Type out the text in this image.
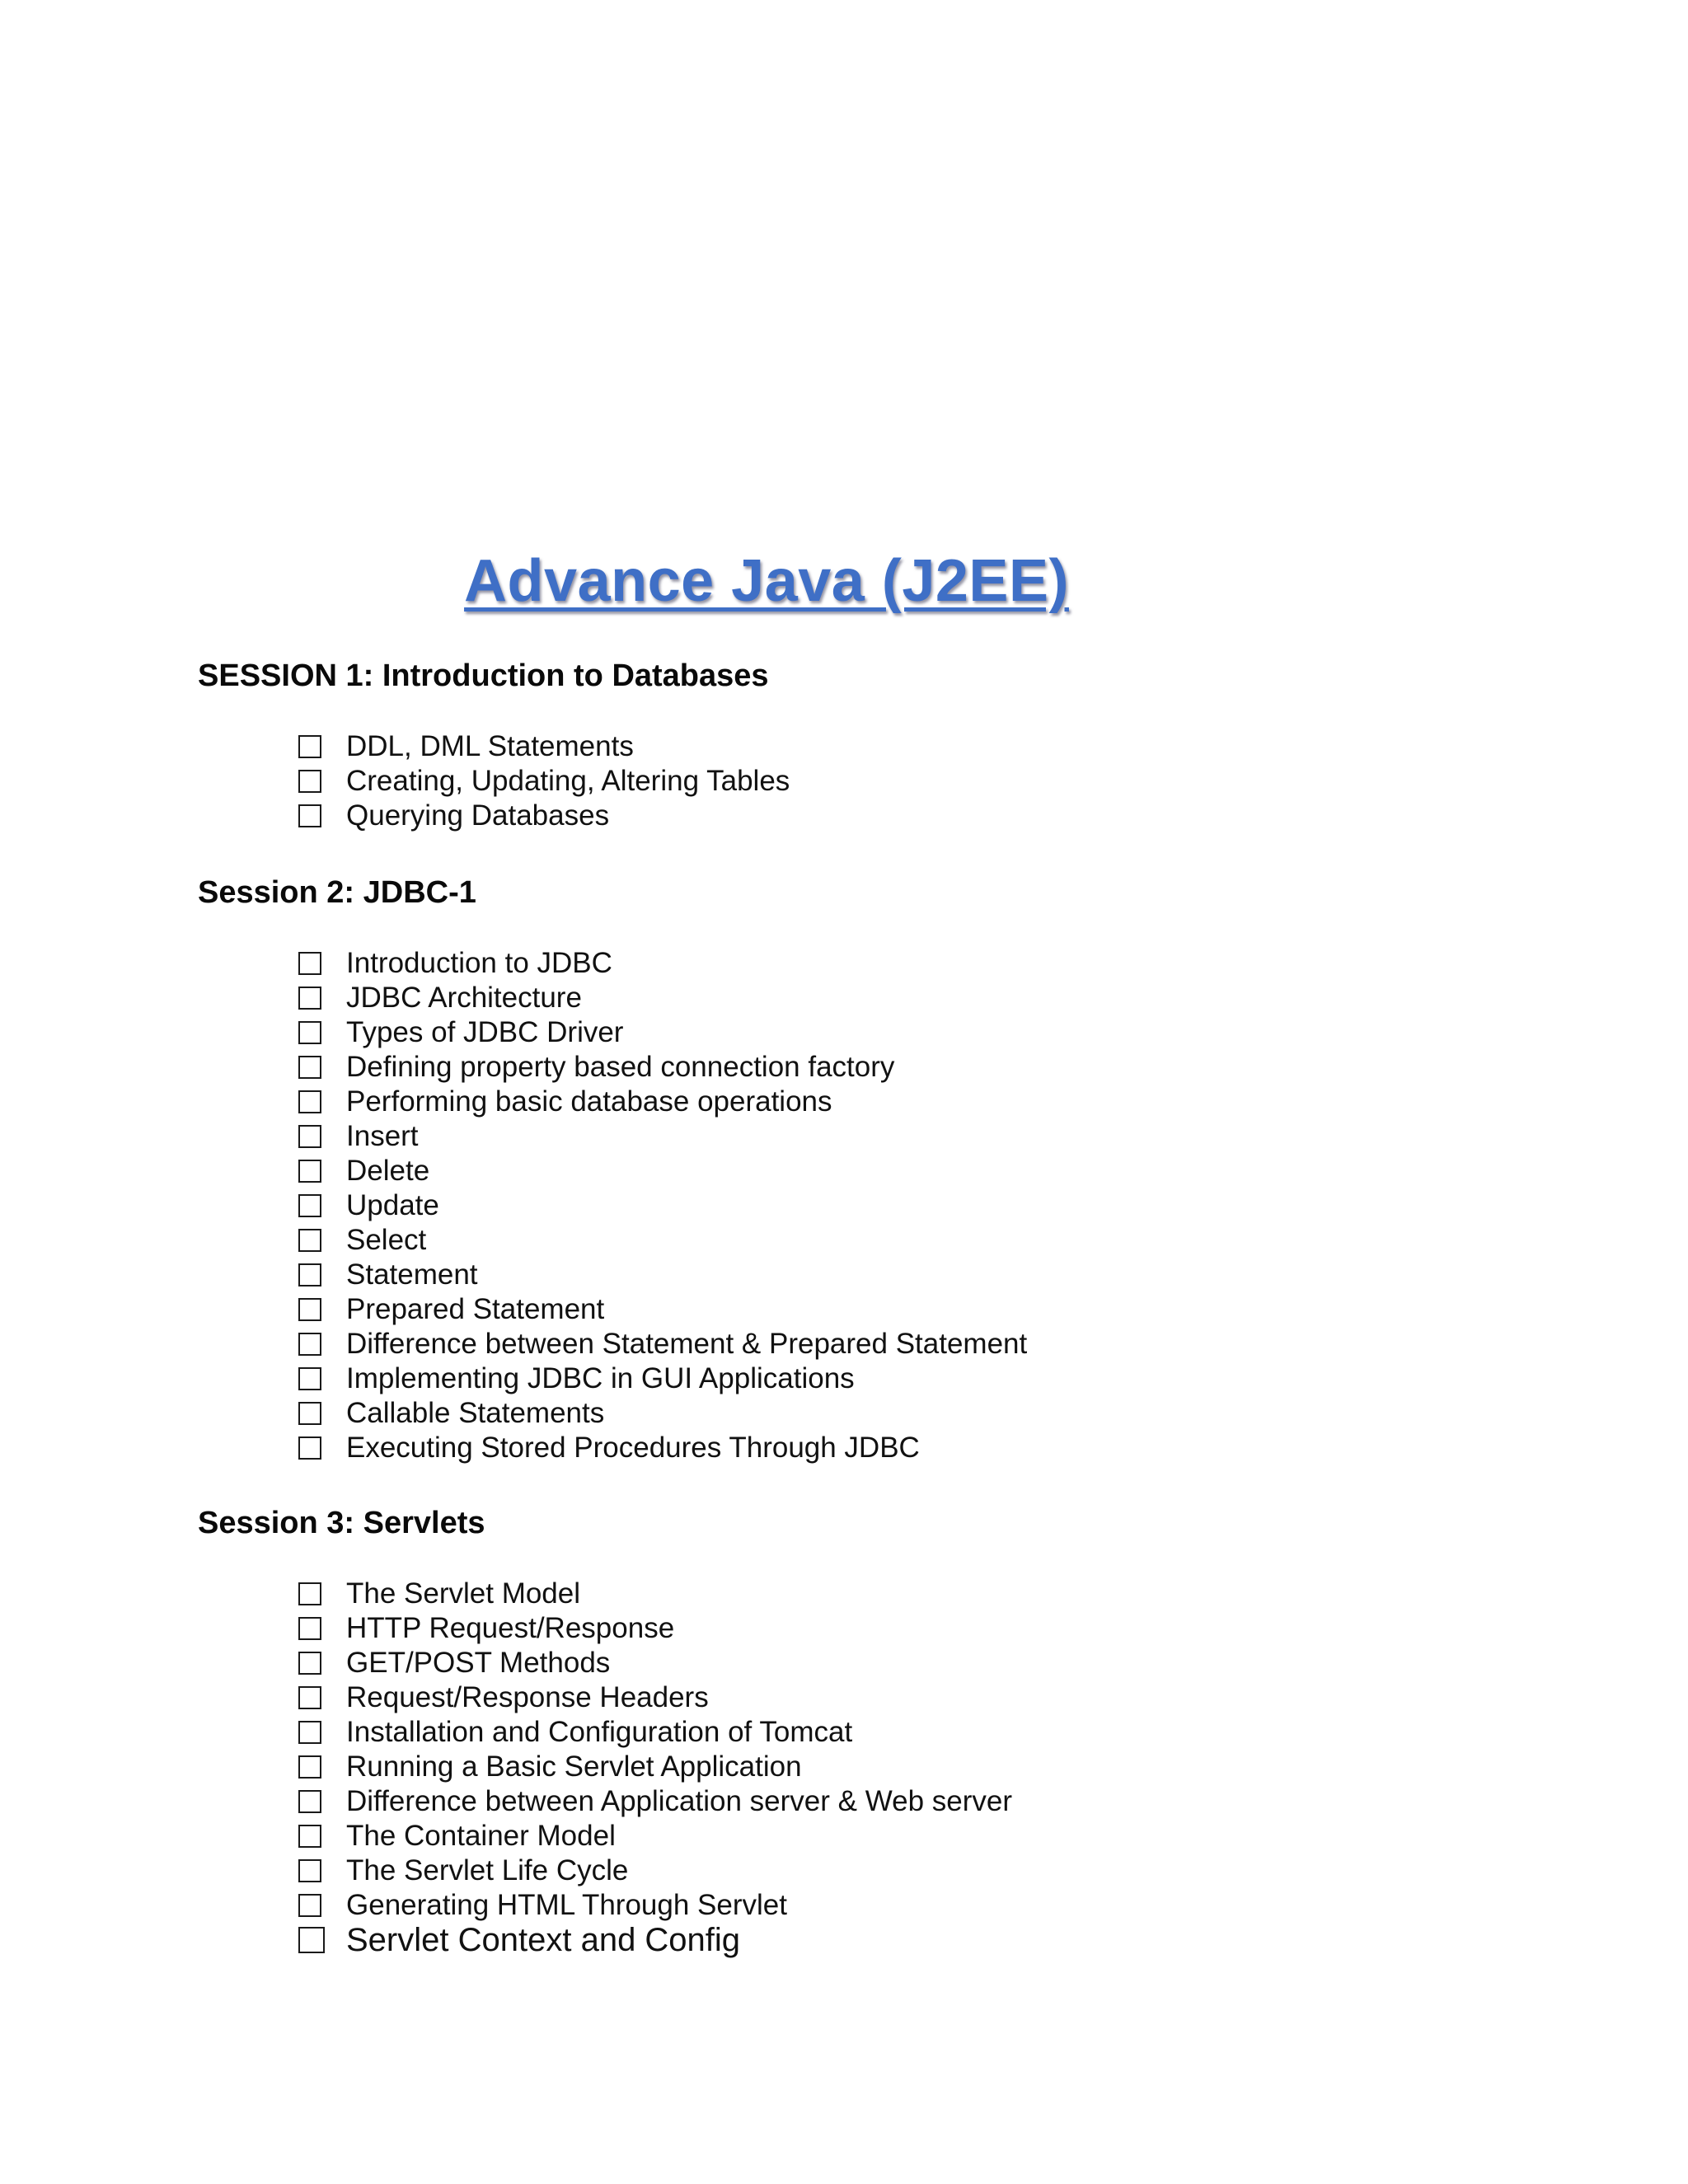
Advance Java (J2EE)
SESSION 1: Introduction to Databases
DDL, DML Statements
Creating, Updating, Altering Tables
Querying Databases
Session 2: JDBC-1
Introduction to JDBC
JDBC Architecture
Types of JDBC Driver
Defining property based connection factory
Performing basic database operations
Insert
Delete
Update
Select
Statement
Prepared Statement
Difference between Statement & Prepared Statement
Implementing JDBC in GUI Applications
Callable Statements
Executing Stored Procedures Through JDBC
Session 3: Servlets
The Servlet Model
HTTP Request/Response
GET/POST Methods
Request/Response Headers
Installation and Configuration of Tomcat
Running a Basic Servlet Application
Difference between Application server & Web server
The Container Model
The Servlet Life Cycle
Generating HTML Through Servlet
Servlet Context and Config
